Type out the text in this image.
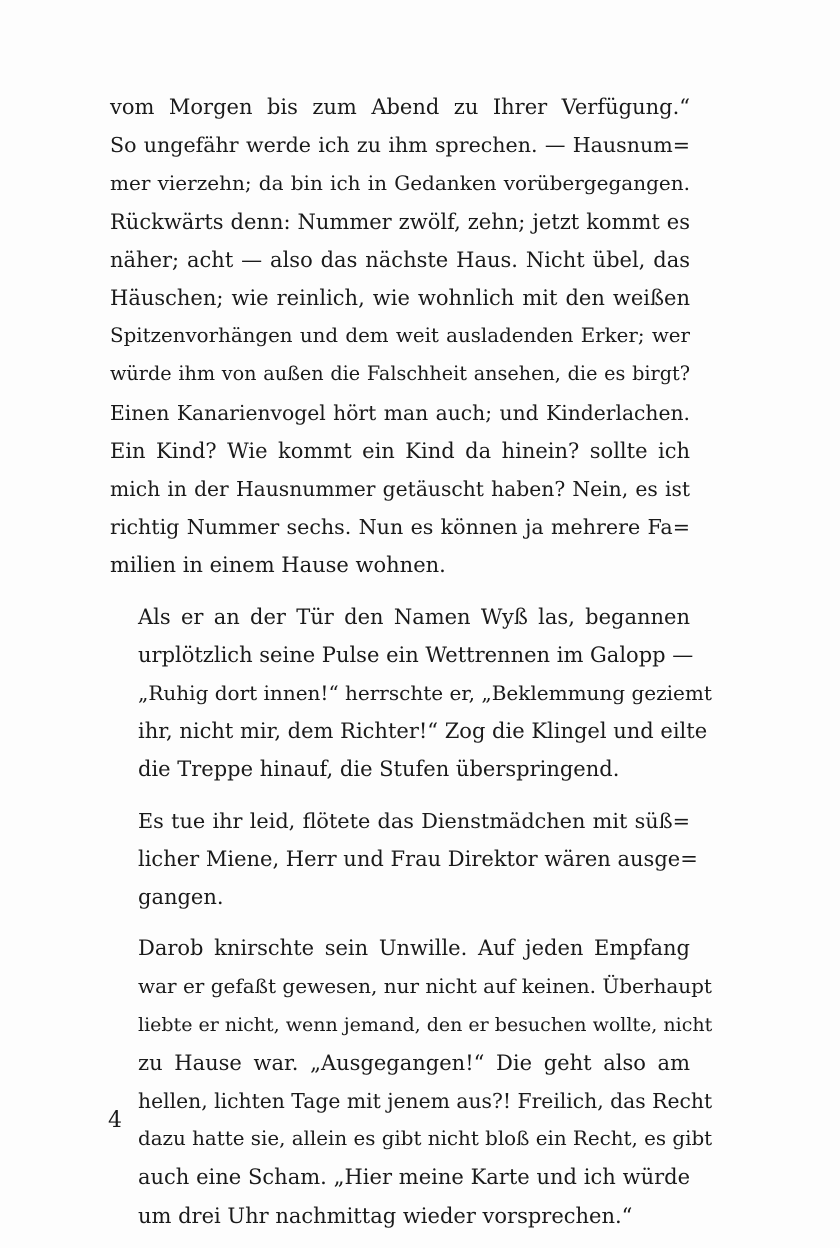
vom Morgen bis zum Abend zu Ihrer Verfügung.“
So ungefähr werde ich zu ihm sprechen. — Hausnum=
mer vierzehn; da bin ich in Gedanken vorübergegangen.
Rückwärts denn: Nummer zwölf, zehn; jetzt kommt es
näher; acht — also das nächste Haus. Nicht übel, das
Häuschen; wie reinlich, wie wohnlich mit den weißen
Spitzenvorhängen und dem weit ausladenden Erker; wer
würde ihm von außen die Falschheit ansehen, die es birgt?
Einen Kanarienvogel hört man auch; und Kinderlachen.
Ein Kind? Wie kommt ein Kind da hinein? sollte ich
mich in der Hausnummer getäuscht haben? Nein, es ist
richtig Nummer sechs. Nun es können ja mehrere Fa=
milien in einem Hause wohnen.

Als er an der Tür den Namen Wyß las, begannen
urplötzlich seine Pulse ein Wettrennen im Galopp —
„Ruhig dort innen!“ herrschte er, „Beklemmung geziemt
ihr, nicht mir, dem Richter!“ Zog die Klingel und eilte
die Treppe hinauf, die Stufen überspringend.

Es tue ihr leid, flötete das Dienstmädchen mit süß=
licher Miene, Herr und Frau Direktor wären ausge=
gangen.

Darob knirschte sein Unwille. Auf jeden Empfang
war er gefaßt gewesen, nur nicht auf keinen. Überhaupt
liebte er nicht, wenn jemand, den er besuchen wollte, nicht
zu Hause war. „Ausgegangen!“ Die geht also am
hellen, lichten Tage mit jenem aus?! Freilich, das Recht
dazu hatte sie, allein es gibt nicht bloß ein Recht, es gibt
auch eine Scham. „Hier meine Karte und ich würde
um drei Uhr nachmittag wieder vorsprechen.“

4
